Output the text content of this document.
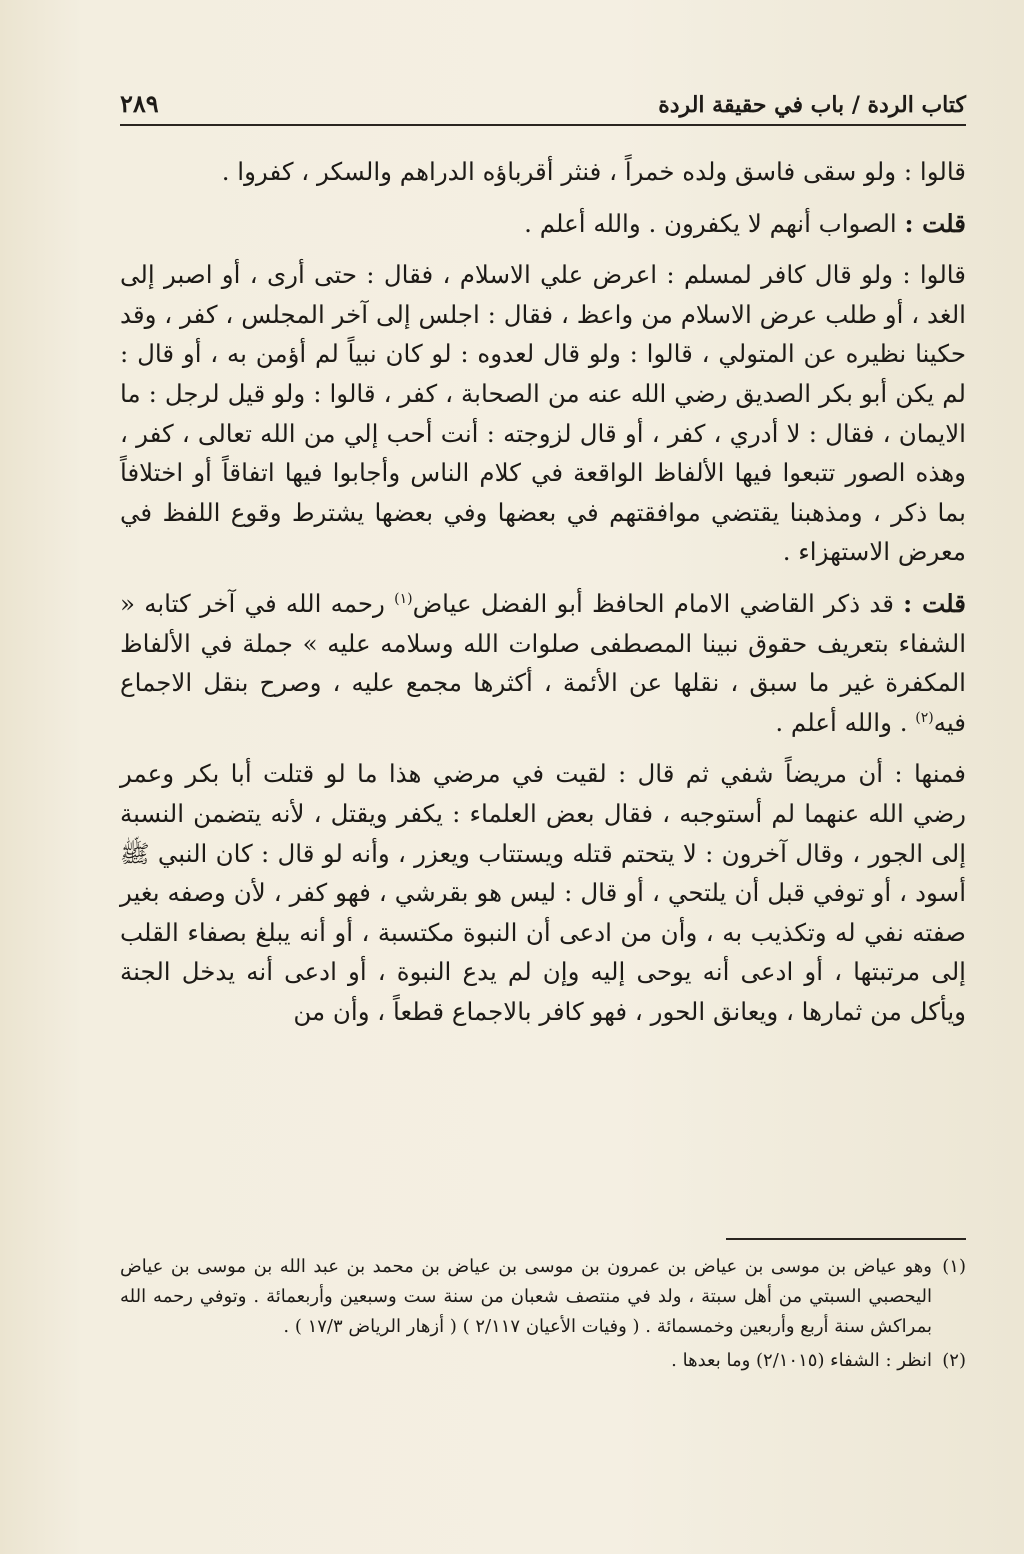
كتاب الردة / باب في حقيقة الردة
٢٨٩

قالوا : ولو سقى فاسق ولده خمراً ، فنثر أقرباؤه الدراهم والسكر ، كفروا .

قلت : الصواب أنهم لا يكفرون . والله أعلم .

قالوا : ولو قال كافر لمسلم : اعرض علي الاسلام ، فقال : حتى أرى ، أو اصبر إلى الغد ، أو طلب عرض الاسلام من واعظ ، فقال : اجلس إلى آخر المجلس ، كفر ، وقد حكينا نظيره عن المتولي ، قالوا : ولو قال لعدوه : لو كان نبياً لم أؤمن به ، أو قال : لم يكن أبو بكر الصديق رضي الله عنه من الصحابة ، كفر ، قالوا : ولو قيل لرجل : ما الايمان ، فقال : لا أدري ، كفر ، أو قال لزوجته : أنت أحب إلي من الله تعالى ، كفر ، وهذه الصور تتبعوا فيها الألفاظ الواقعة في كلام الناس وأجابوا فيها اتفاقاً أو اختلافاً بما ذكر ، ومذهبنا يقتضي موافقتهم في بعضها وفي بعضها يشترط وقوع اللفظ في معرض الاستهزاء .

قلت : قد ذكر القاضي الامام الحافظ أبو الفضل عياض$^{(١)}$ رحمه الله في آخر كتابه « الشفاء بتعريف حقوق نبينا المصطفى صلوات الله وسلامه عليه » جملة في الألفاظ المكفرة غير ما سبق ، نقلها عن الأئمة ، أكثرها مجمع عليه ، وصرح بنقل الاجماع فيه$^{(٢)}$ . والله أعلم .

فمنها : أن مريضاً شفي ثم قال : لقيت في مرضي هذا ما لو قتلت أبا بكر وعمر رضي الله عنهما لم أستوجبه ، فقال بعض العلماء : يكفر ويقتل ، لأنه يتضمن النسبة إلى الجور ، وقال آخرون : لا يتحتم قتله ويستتاب ويعزر ، وأنه لو قال : كان النبي ﷺ أسود ، أو توفي قبل أن يلتحي ، أو قال : ليس هو بقرشي ، فهو كفر ، لأن وصفه بغير صفته نفي له وتكذيب به ، وأن من ادعى أن النبوة مكتسبة ، أو أنه يبلغ بصفاء القلب إلى مرتبتها ، أو ادعى أنه يوحى إليه وإن لم يدع النبوة ، أو ادعى أنه يدخل الجنة ويأكل من ثمارها ، ويعانق الحور ، فهو كافر بالاجماع قطعاً ، وأن من

(١)
وهو عياض بن موسى بن عياض بن عمرون بن موسى بن عياض بن محمد بن عبد الله بن موسى بن عياض اليحصبي السبتي من أهل سبتة ، ولد في منتصف شعبان من سنة ست وسبعين وأربعمائة . وتوفي رحمه الله بمراكش سنة أربع وأربعين وخمسمائة . ( وفيات الأعيان ٢/١١٧ ) ( أزهار الرياض ١٧/٣ ) .
(٢)
انظر : الشفاء (٢/١٠١٥) وما بعدها .
